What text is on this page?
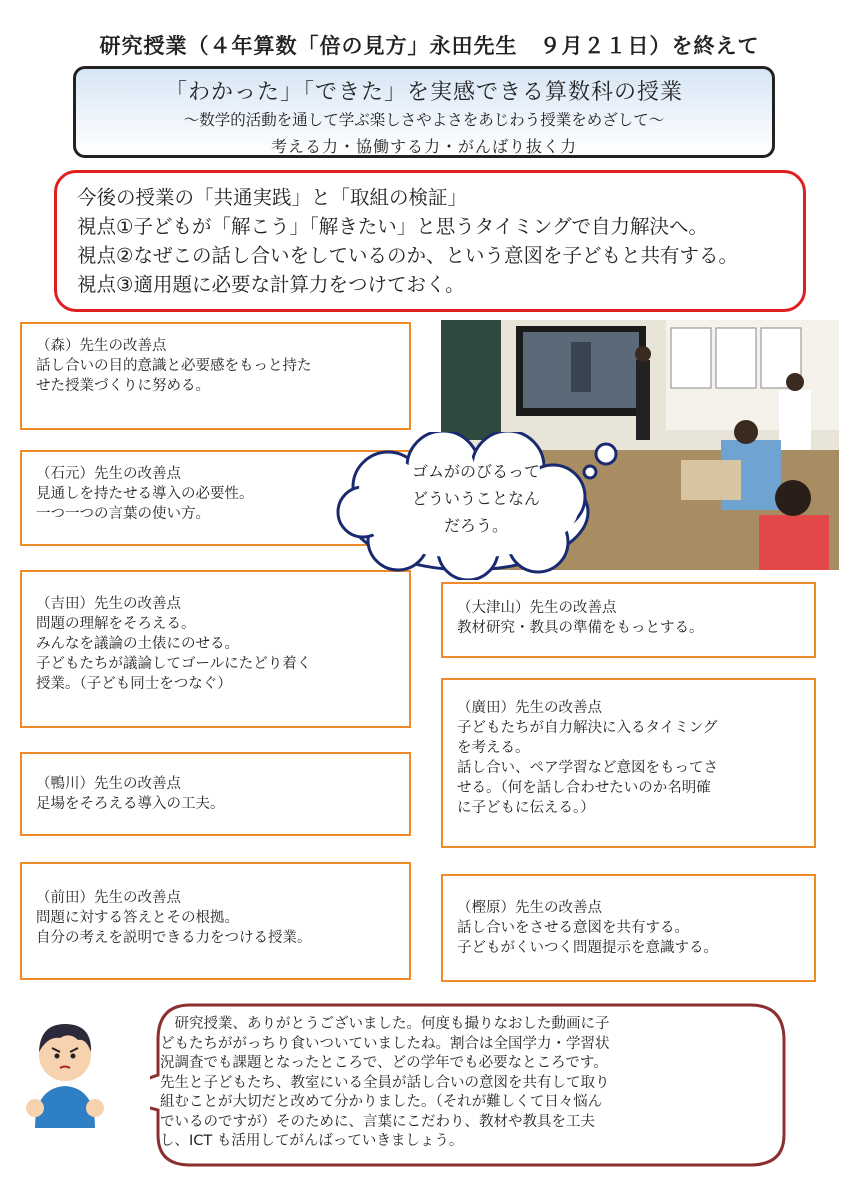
研究授業（４年算数「倍の見方」永田先生　９月２１日）を終えて
「わかった」「できた」を実感できる算数科の授業
～数学的活動を通して学ぶ楽しさやよさをあじわう授業をめざして～
考える力・協働する力・がんばり抜く力
今後の授業の「共通実践」と「取組の検証」
視点①子どもが「解こう」「解きたい」と思うタイミングで自力解決へ。
視点②なぜこの話し合いをしているのか、という意図を子どもと共有する。
視点③適用題に必要な計算力をつけておく。
（森）先生の改善点
話し合いの目的意識と必要感をもっと持た
せた授業づくりに努める。
（石元）先生の改善点
見通しを持たせる導入の必要性。
一つ一つの言葉の使い方。
（吉田）先生の改善点
問題の理解をそろえる。
みんなを議論の土俵にのせる。
子どもたちが議論してゴールにたどり着く
授業。（子ども同士をつなぐ）
（鴨川）先生の改善点
足場をそろえる導入の工夫。
（前田）先生の改善点
問題に対する答えとその根拠。
自分の考えを説明できる力をつける授業。
（大津山）先生の改善点
教材研究・教具の準備をもっとする。
（廣田）先生の改善点
子どもたちが自力解決に入るタイミング
を考える。
話し合い、ペア学習など意図をもってさ
せる。（何を話し合わせたいのか名明確
に子どもに伝える。）
（樫原）先生の改善点
話し合いをさせる意図を共有する。
子どもがくいつく問題提示を意識する。
ゴムがのびるって
どういうことなん
だろう。
　研究授業、ありがとうございました。何度も撮りなおした動画に子
どもたちががっちり食いついていましたね。割合は全国学力・学習状
況調査でも課題となったところで、どの学年でも必要なところです。
先生と子どもたち、教室にいる全員が話し合いの意図を共有して取り
組むことが大切だと改めて分かりました。（それが難しくて日々悩ん
でいるのですが）そのために、言葉にこだわり、教材や教具を工夫
し、ICT も活用してがんばっていきましょう。
